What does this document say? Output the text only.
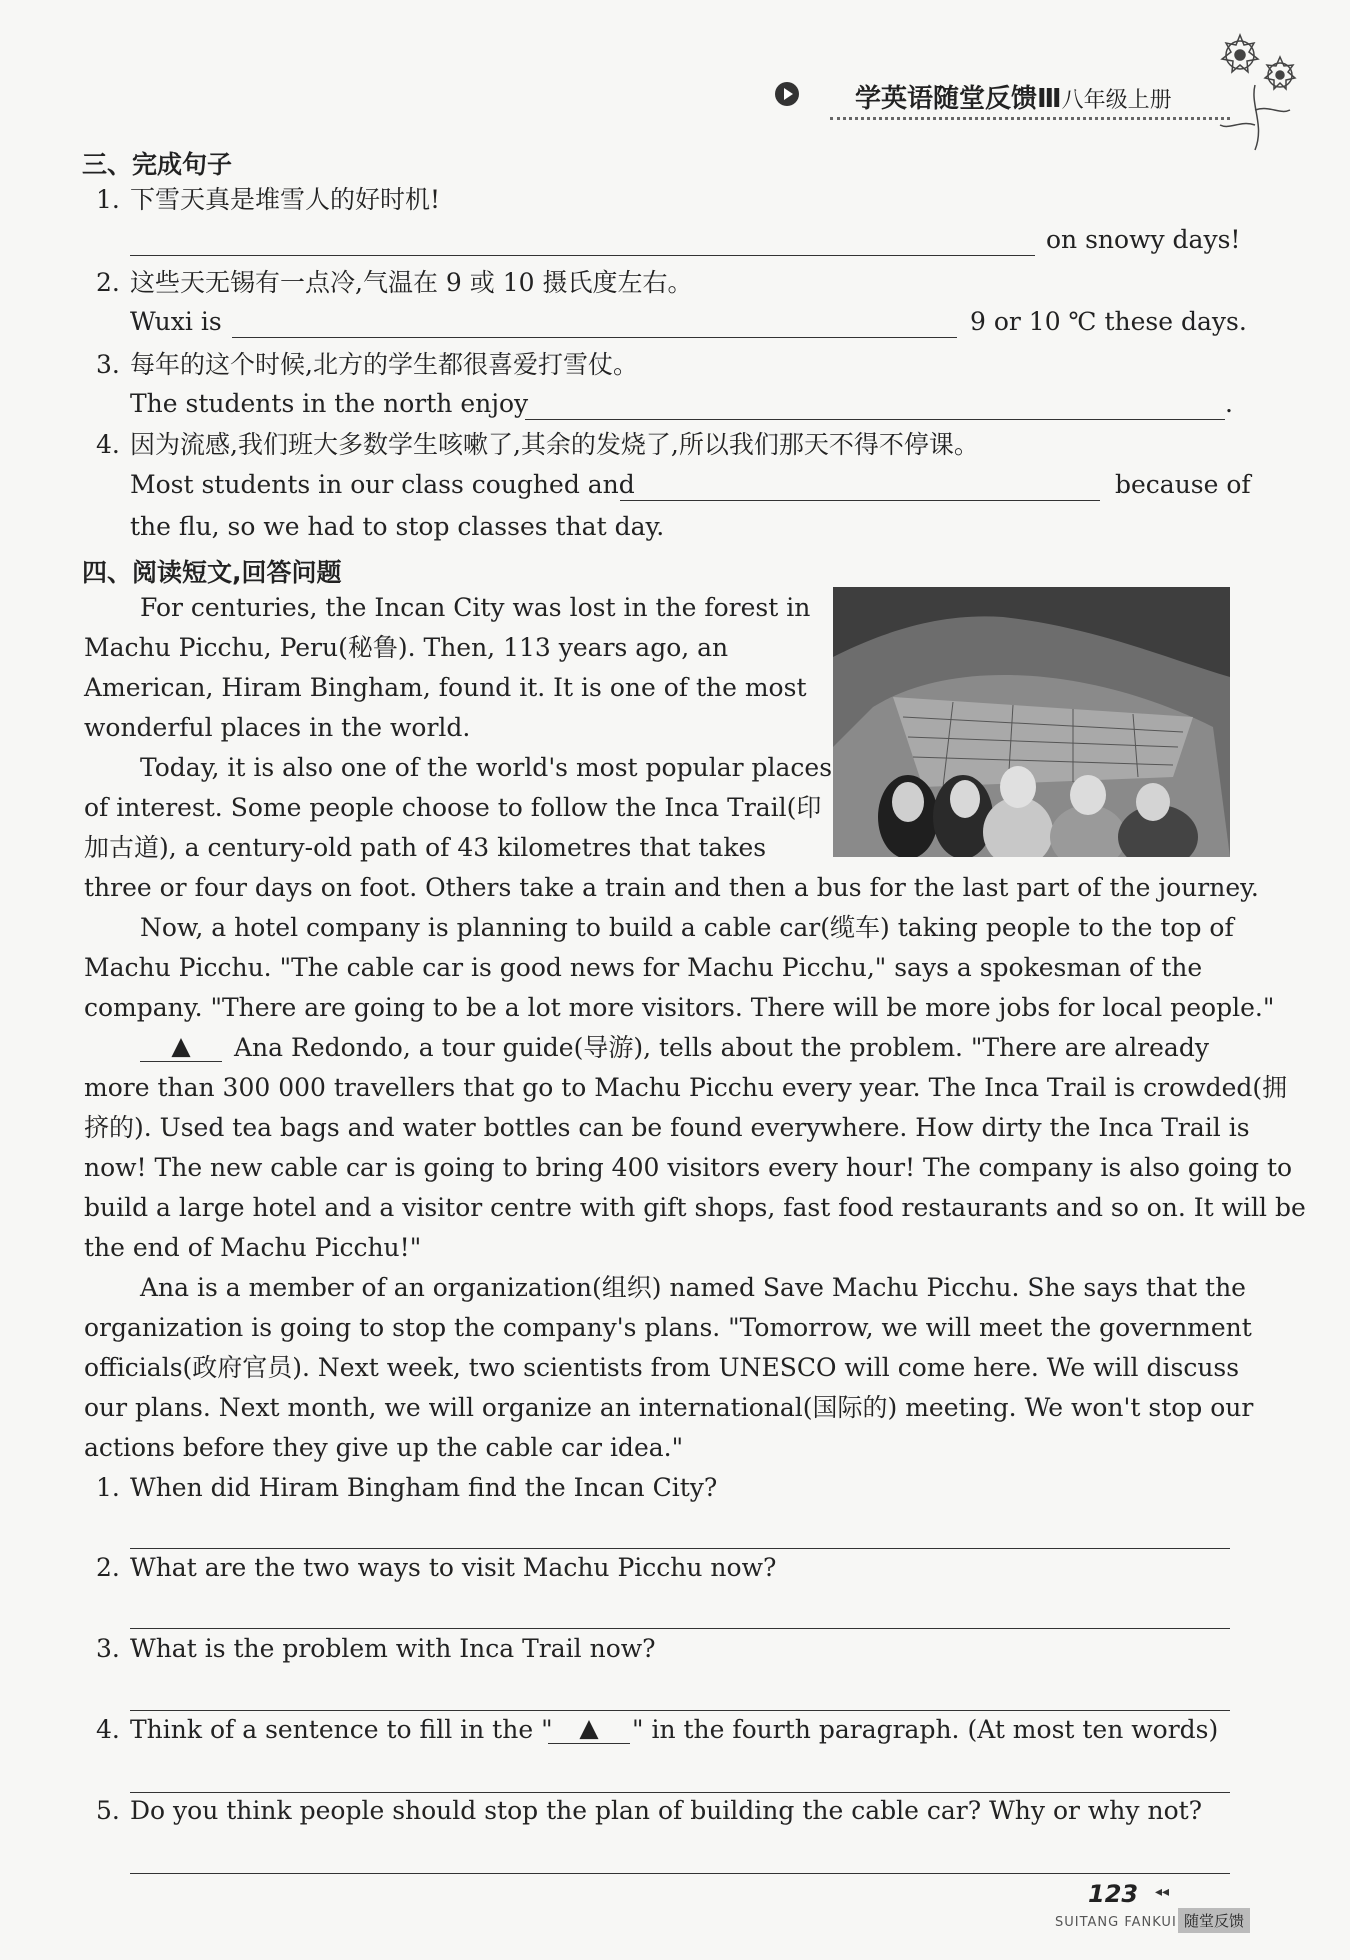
学英语随堂反馈Ⅲ八年级上册
三、完成句子
1. 下雪天真是堆雪人的好时机!
on snowy days!
2. 这些天无锡有一点冷,气温在 9 或 10 摄氏度左右。
Wuxi is	9 or 10 ℃ these days.
3. 每年的这个时候,北方的学生都很喜爱打雪仗。
The students in the north enjoy	.
4. 因为流感,我们班大多数学生咳嗽了,其余的发烧了,所以我们那天不得不停课。
Most students in our class coughed and	because of
the flu, so we had to stop classes that day.
四、阅读短文,回答问题
For centuries, the Incan City was lost in the forest in
Machu Picchu, Peru(秘鲁). Then, 113 years ago, an
American, Hiram Bingham, found it. It is one of the most
wonderful places in the world.
Today, it is also one of the world's most popular places
of interest. Some people choose to follow the Inca Trail(印
加古道), a century-old path of 43 kilometres that takes
three or four days on foot. Others take a train and then a bus for the last part of the journey.
Now, a hotel company is planning to build a cable car(缆车) taking people to the top of
Machu Picchu. "The cable car is good news for Machu Picchu," says a spokesman of the
company. "There are going to be a lot more visitors. There will be more jobs for local people."
▲	Ana Redondo, a tour guide(导游), tells about the problem. "There are already
more than 300 000 travellers that go to Machu Picchu every year. The Inca Trail is crowded(拥
挤的). Used tea bags and water bottles can be found everywhere. How dirty the Inca Trail is
now! The new cable car is going to bring 400 visitors every hour! The company is also going to
build a large hotel and a visitor centre with gift shops, fast food restaurants and so on. It will be
the end of Machu Picchu!"
Ana is a member of an organization(组织) named Save Machu Picchu. She says that the
organization is going to stop the company's plans. "Tomorrow, we will meet the government
officials(政府官员). Next week, two scientists from UNESCO will come here. We will discuss
our plans. Next month, we will organize an international(国际的) meeting. We won't stop our
actions before they give up the cable car idea."
1. When did Hiram Bingham find the Incan City?
2. What are the two ways to visit Machu Picchu now?
3. What is the problem with Inca Trail now?
4. Think of a sentence to fill in the "	▲	" in the fourth paragraph. (At most ten words)
5. Do you think people should stop the plan of building the cable car? Why or why not?
123 ◂◂
SUITANG FANKUI 随堂反馈
